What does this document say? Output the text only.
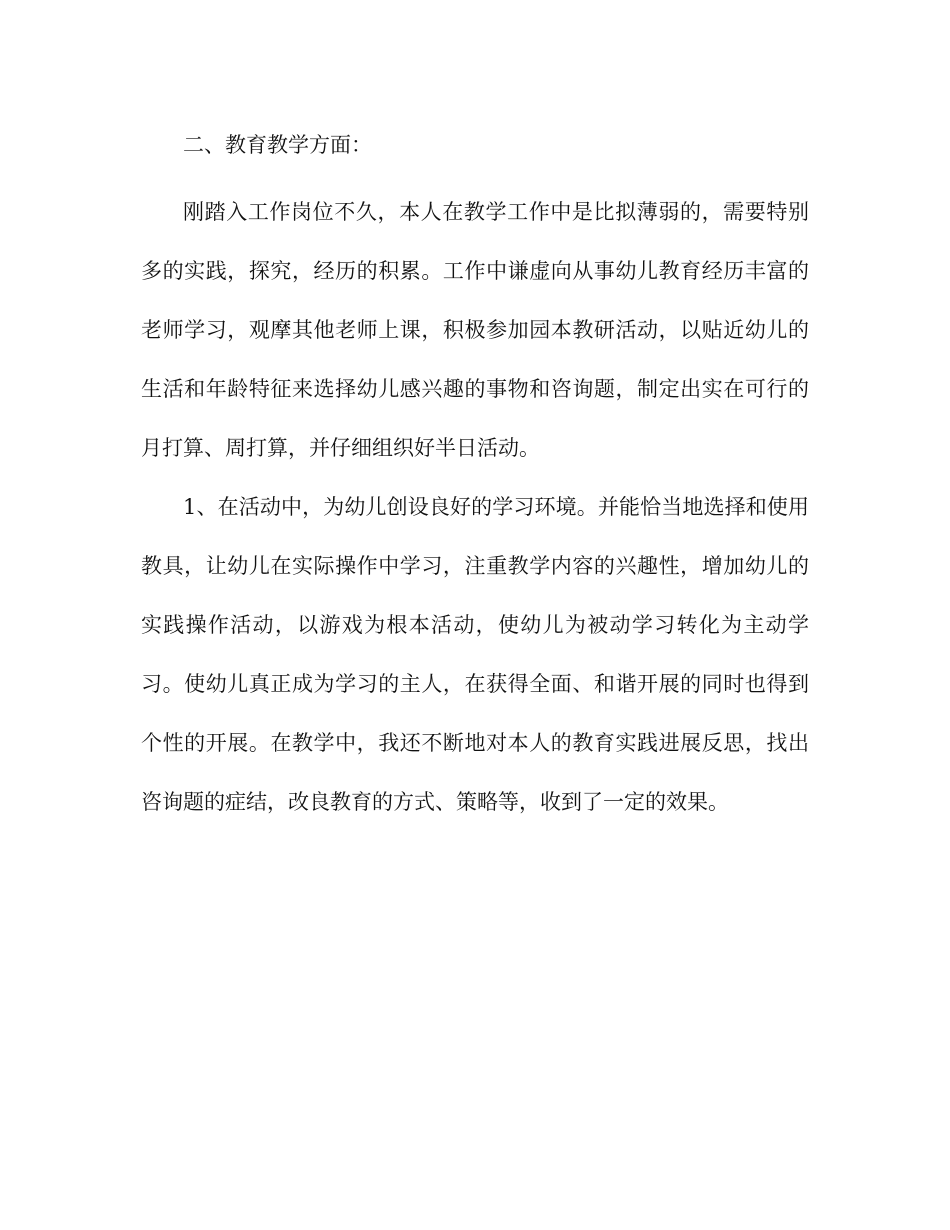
二、教育教学方面：

刚踏入工作岗位不久，本人在教学工作中是比拟薄弱的，需要特别多的实践，探究，经历的积累。工作中谦虚向从事幼儿教育经历丰富的老师学习，观摩其他老师上课，积极参加园本教研活动，以贴近幼儿的生活和年龄特征来选择幼儿感兴趣的事物和咨询题，制定出实在可行的月打算、周打算，并仔细组织好半日活动。

1、在活动中，为幼儿创设良好的学习环境。并能恰当地选择和使用教具，让幼儿在实际操作中学习，注重教学内容的兴趣性，增加幼儿的实践操作活动，以游戏为根本活动，使幼儿为被动学习转化为主动学习。使幼儿真正成为学习的主人，在获得全面、和谐开展的同时也得到个性的开展。在教学中，我还不断地对本人的教育实践进展反思，找出咨询题的症结，改良教育的方式、策略等，收到了一定的效果。
